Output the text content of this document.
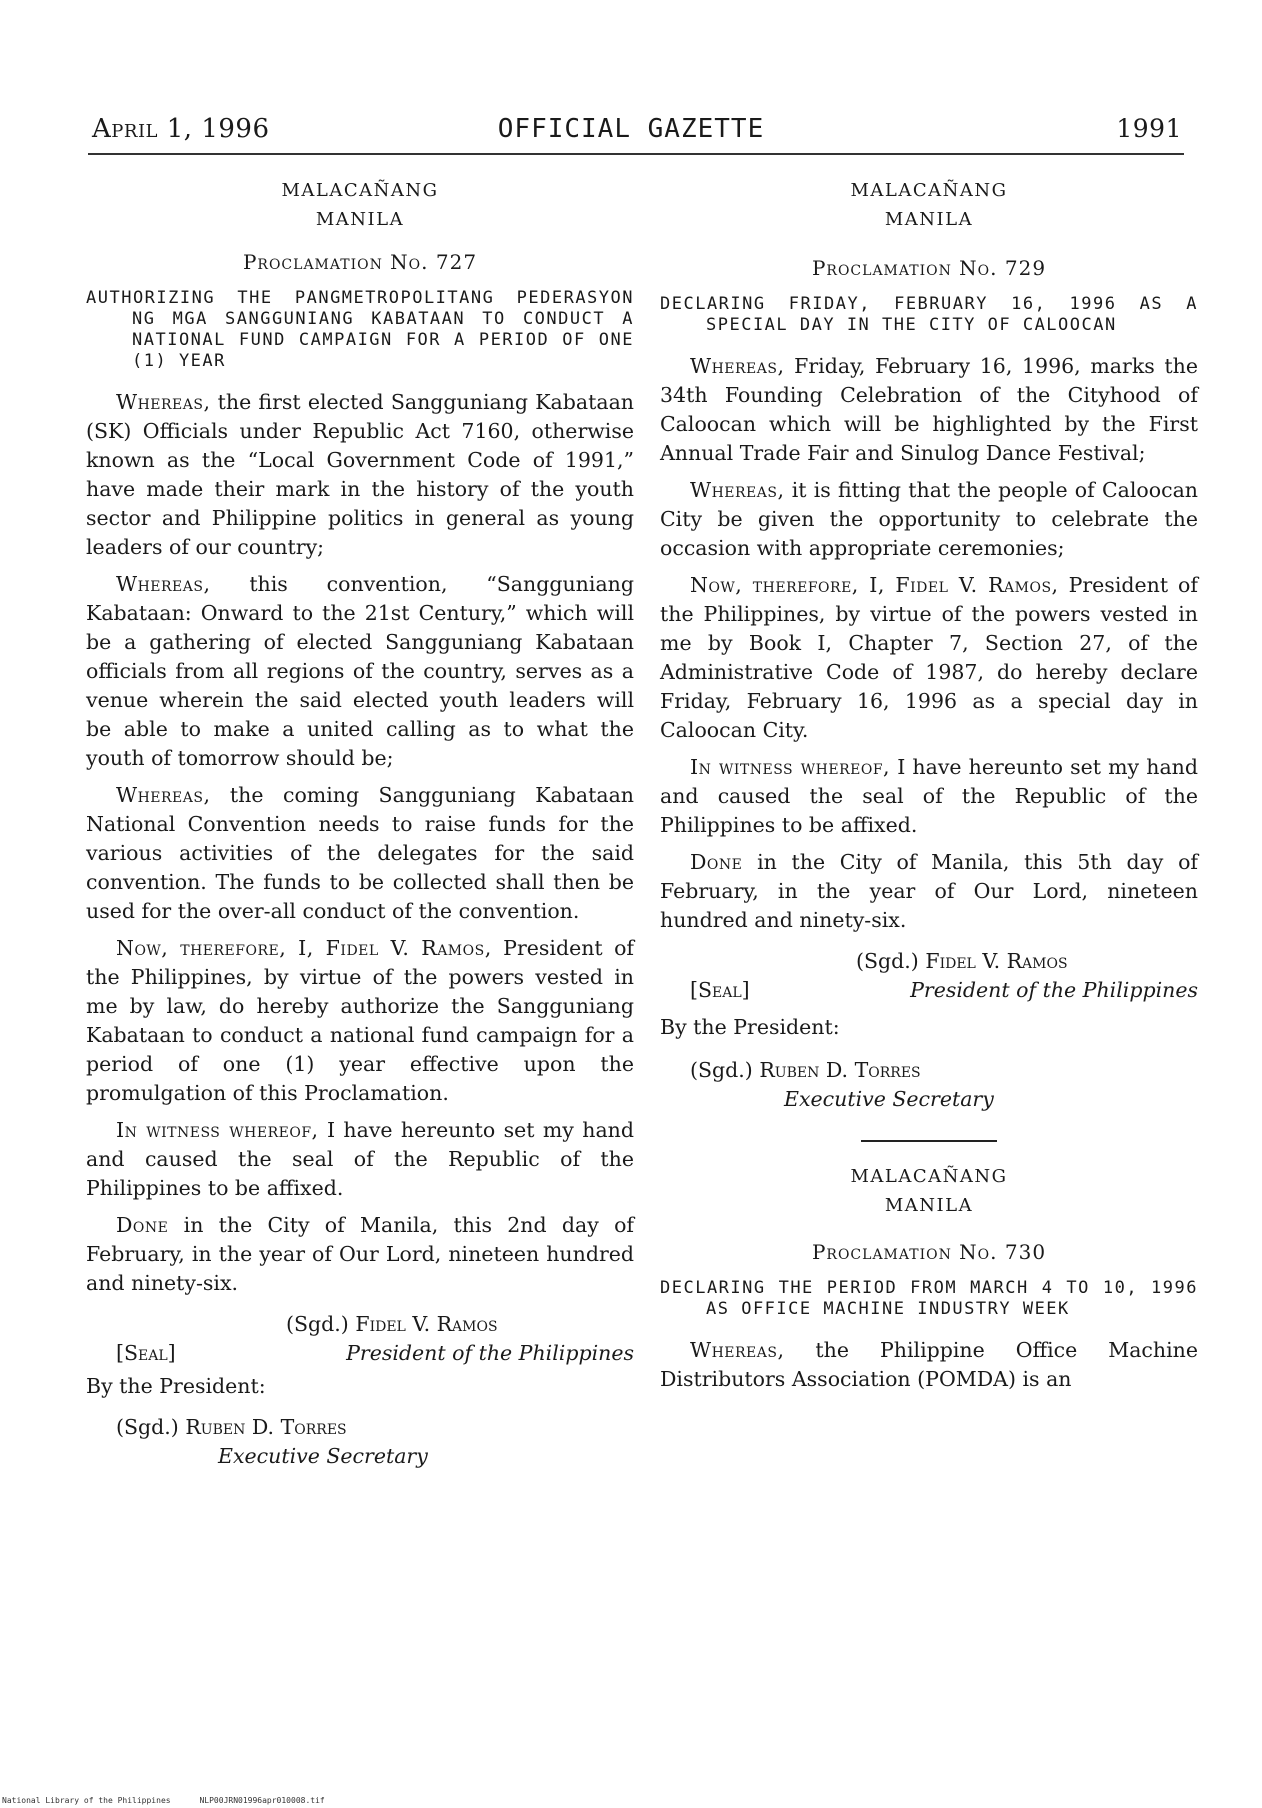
April 1, 1996	OFFICIAL GAZETTE	1991
MALACAÑANG
MANILA
Proclamation No. 727

AUTHORIZING THE PANGMETROPOLITANG PEDERASYON NG MGA SANGGUNIANG KABATAAN TO CONDUCT A NATIONAL FUND CAMPAIGN FOR A PERIOD OF ONE (1) YEAR

Whereas, the first elected Sangguniang Kabataan (SK) Officials under Republic Act 7160, otherwise known as the “Local Government Code of 1991,” have made their mark in the history of the youth sector and Philippine politics in general as young leaders of our country;

Whereas, this convention, “Sangguniang Kabataan: Onward to the 21st Century,” which will be a gathering of elected Sangguniang Kabataan officials from all regions of the country, serves as a venue wherein the said elected youth leaders will be able to make a united calling as to what the youth of tomorrow should be;

Whereas, the coming Sangguniang Kabataan National Convention needs to raise funds for the various activities of the delegates for the said convention. The funds to be collected shall then be used for the over-all conduct of the convention.

Now, therefore, I, Fidel V. Ramos, President of the Philippines, by virtue of the powers vested in me by law, do hereby authorize the Sangguniang Kabataan to conduct a national fund campaign for a period of one (1) year effective upon the promulgation of this Proclamation.

In witness whereof, I have hereunto set my hand and caused the seal of the Republic of the Philippines to be affixed.

Done in the City of Manila, this 2nd day of February, in the year of Our Lord, nineteen hundred and ninety-six.

(Sgd.) Fidel V. Ramos
[Seal]	President of the Philippines
By the President:
(Sgd.) Ruben D. Torres
Executive Secretary
MALACAÑANG
MANILA
Proclamation No. 729

DECLARING FRIDAY, FEBRUARY 16, 1996 AS A SPECIAL DAY IN THE CITY OF CALOOCAN

Whereas, Friday, February 16, 1996, marks the 34th Founding Celebration of the Cityhood of Caloocan which will be highlighted by the First Annual Trade Fair and Sinulog Dance Festival;

Whereas, it is fitting that the people of Caloocan City be given the opportunity to celebrate the occasion with appropriate ceremonies;

Now, therefore, I, Fidel V. Ramos, President of the Philippines, by virtue of the powers vested in me by Book I, Chapter 7, Section 27, of the Administrative Code of 1987, do hereby declare Friday, February 16, 1996 as a special day in Caloocan City.

In witness whereof, I have hereunto set my hand and caused the seal of the Republic of the Philippines to be affixed.

Done in the City of Manila, this 5th day of February, in the year of Our Lord, nineteen hundred and ninety-six.

(Sgd.) Fidel V. Ramos
[Seal]	President of the Philippines
By the President:
(Sgd.) Ruben D. Torres
Executive Secretary
MALACAÑANG
MANILA
Proclamation No. 730

DECLARING THE PERIOD FROM MARCH 4 TO 10, 1996 AS OFFICE MACHINE INDUSTRY WEEK

Whereas, the Philippine Office Machine Distributors Association (POMDA) is an

National Library of the Philippines	NLP00JRN01996apr010008.tif
